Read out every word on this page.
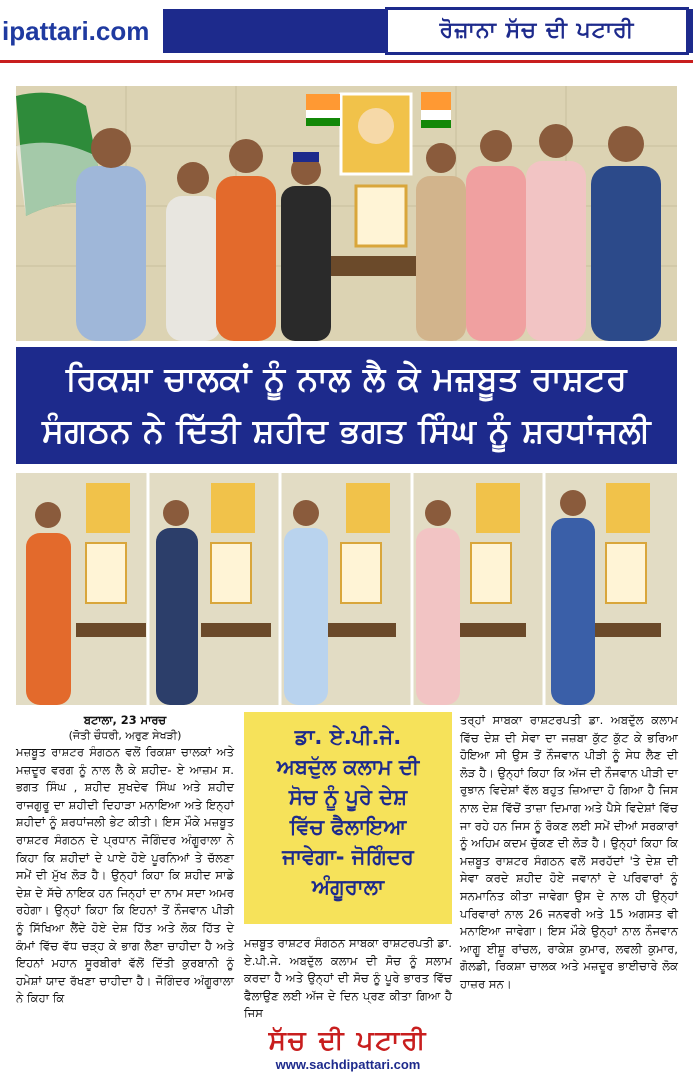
ipattari.com	ਰੋਜ਼ਾਨਾ ਸੱਚ ਦੀ ਪਟਾਰੀ
ਰਿਕਸ਼ਾ ਚਾਲਕਾਂ ਨੂੰ ਨਾਲ ਲੈ ਕੇ ਮਜ਼ਬੂਤ ਰਾਸ਼ਟਰ
ਸੰਗਠਨ ਨੇ ਦਿੱਤੀ ਸ਼ਹੀਦ ਭਗਤ ਸਿੰਘ ਨੂੰ ਸ਼ਰਧਾਂਜਲੀ
ਬਟਾਲਾ, 23 ਮਾਰਚ
(ਜੋਤੀ ਚੌਧਰੀ, ਅਰੁਣ ਸੇਖੜੀ)

ਮਜ਼ਬੂਤ ਰਾਸ਼ਟਰ ਸੰਗਠਨ ਵਲੋਂ ਰਿਕਸ਼ਾ ਚਾਲਕਾਂ ਅਤੇ ਮਜ਼ਦੂਰ ਵਰਗ ਨੂੰ ਨਾਲ ਲੈ ਕੇ ਸ਼ਹੀਦ- ਏ ਆਜ਼ਮ ਸ. ਭਗਤ ਸਿੰਘ , ਸ਼ਹੀਦ ਸੁਖਦੇਵ ਸਿੰਘ ਅਤੇ ਸ਼ਹੀਦ ਰਾਜਗੁਰੂ ਦਾ ਸ਼ਹੀਦੀ ਦਿਹਾੜਾ ਮਨਾਇਆ ਅਤੇ ਇਨ੍ਹਾਂ ਸ਼ਹੀਦਾਂ ਨੂੰ ਸ਼ਰਧਾਂਜਲੀ ਭੇਟ ਕੀਤੀ। ਇਸ ਮੌਕੇ ਮਜ਼ਬੂਤ ਰਾਸ਼ਟਰ ਸੰਗਠਨ ਦੇ ਪ੍ਰਧਾਨ ਜੋਗਿੰਦਰ ਅੰਗੂਰਾਲਾ ਨੇ ਕਿਹਾ ਕਿ ਸ਼ਹੀਦਾਂ ਦੇ ਪਾਏ ਹੋਏ ਪੂਰਨਿਆਂ ਤੇ ਚੱਲਣਾ ਸਮੇਂ ਦੀ ਮੁੱਖ ਲੋੜ ਹੈ। ਉਨ੍ਹਾਂ ਕਿਹਾ ਕਿ ਸ਼ਹੀਦ ਸਾਡੇ ਦੇਸ਼ ਦੇ ਸੱਚੇ ਨਾਇਕ ਹਨ ਜਿਨ੍ਹਾਂ ਦਾ ਨਾਮ ਸਦਾ ਅਮਰ ਰਹੇਗਾ। ਉਨ੍ਹਾਂ ਕਿਹਾ ਕਿ ਇਹਨਾਂ ਤੋਂ ਨੌਜਵਾਨ ਪੀੜੀ ਨੂੰ ਸਿੱਖਿਆ ਲੈਂਦੇ ਹੋਏ ਦੇਸ਼ ਹਿੱਤ ਅਤੇ ਲੋਕ ਹਿੱਤ ਦੇ ਕੰਮਾਂ ਵਿੱਚ ਵੱਧ ਚੜ੍ਹ ਕੇ ਭਾਗ ਲੈਣਾ ਚਾਹੀਦਾ ਹੈ ਅਤੇ ਇਹਨਾਂ ਮਹਾਨ ਸੂਰਬੀਰਾਂ ਵੱਲੋਂ ਦਿੱਤੀ ਕੁਰਬਾਨੀ ਨੂੰ ਹਮੇਸ਼ਾਂ ਯਾਦ ਰੱਖਣਾ ਚਾਹੀਦਾ ਹੈ। ਜੋਗਿੰਦਰ ਅੰਗੂਰਾਲਾ ਨੇ ਕਿਹਾ ਕਿ

ਡਾ. ਏ.ਪੀ.ਜੇ.
ਅਬਦੁੱਲ ਕਲਾਮ ਦੀ
ਸੋਚ ਨੂੰ ਪੂਰੇ ਦੇਸ਼
ਵਿੱਚ ਫੈਲਾਇਆ
ਜਾਵੇਗਾ- ਜੋਗਿੰਦਰ
ਅੰਗੂਰਾਲਾ

ਮਜ਼ਬੂਤ ਰਾਸ਼ਟਰ ਸੰਗਠਨ ਸਾਬਕਾ ਰਾਸ਼ਟਰਪਤੀ ਡਾ. ਏ.ਪੀ.ਜੇ. ਅਬਦੁੱਲ ਕਲਾਮ ਦੀ ਸੋਚ ਨੂੰ ਸਲਾਮ ਕਰਦਾ ਹੈ ਅਤੇ ਉਨ੍ਹਾਂ ਦੀ ਸੋਚ ਨੂੰ ਪੂਰੇ ਭਾਰਤ ਵਿੱਚ ਫੈਲਾਉਣ ਲਈ ਅੱਜ ਦੇ ਦਿਨ ਪ੍ਰਣ ਕੀਤਾ ਗਿਆ ਹੈ ਜਿਸ

ਸੱਚ ਦੀ ਪਟਾਰੀ
www.sachdipattari.com

ਤਰ੍ਹਾਂ ਸਾਬਕਾ ਰਾਸ਼ਟਰਪਤੀ ਡਾ. ਅਬਦੁੱਲ ਕਲਾਮ ਵਿੱਚ ਦੇਸ਼ ਦੀ ਸੇਵਾ ਦਾ ਜਜ਼ਬਾ ਕੁੱਟ ਕੁੱਟ ਕੇ ਭਰਿਆ ਹੋਇਆ ਸੀ ਉਸ ਤੋਂ ਨੌਜਵਾਨ ਪੀੜੀ ਨੂੰ ਸੇਧ ਲੈਣ ਦੀ ਲੋੜ ਹੈ। ਉਨ੍ਹਾਂ ਕਿਹਾ ਕਿ ਅੱਜ ਦੀ ਨੌਜਵਾਨ ਪੀੜੀ ਦਾ ਰੁਝਾਨ ਵਿਦੇਸ਼ਾਂ ਵੱਲ ਬਹੁਤ ਜ਼ਿਆਦਾ ਹੋ ਗਿਆ ਹੈ ਜਿਸ ਨਾਲ ਦੇਸ਼ ਵਿੱਚੋਂ ਤਾਜ਼ਾ ਦਿਮਾਗ ਅਤੇ ਪੈਸੇ ਵਿਦੇਸ਼ਾਂ ਵਿੱਚ ਜਾ ਰਹੇ ਹਨ ਜਿਸ ਨੂੰ ਰੋਕਣ ਲਈ ਸਮੇਂ ਦੀਆਂ ਸਰਕਾਰਾਂ ਨੂੰ ਅਹਿਮ ਕਦਮ ਚੁੱਕਣ ਦੀ ਲੋੜ ਹੈ। ਉਨ੍ਹਾਂ ਕਿਹਾ ਕਿ ਮਜ਼ਬੂਤ ਰਾਸ਼ਟਰ ਸੰਗਠਨ ਵਲੋਂ ਸਰਹੱਦਾਂ 'ਤੇ ਦੇਸ਼ ਦੀ ਸੇਵਾ ਕਰਦੇ ਸ਼ਹੀਦ ਹੋਏ ਜਵਾਨਾਂ ਦੇ ਪਰਿਵਾਰਾਂ ਨੂੰ ਸਨਮਾਨਿਤ ਕੀਤਾ ਜਾਵੇਗਾ ਉਸ ਦੇ ਨਾਲ ਹੀ ਉਨ੍ਹਾਂ ਪਰਿਵਾਰਾਂ ਨਾਲ 26 ਜਨਵਰੀ ਅਤੇ 15 ਅਗਸਤ ਵੀ ਮਨਾਇਆ ਜਾਵੇਗਾ। ਇਸ ਮੌਕੇ ਉਨ੍ਹਾਂ ਨਾਲ ਨੌਜਵਾਨ ਆਗੂ ਈਸ਼ੂ ਰਾਂਚਲ, ਰਾਕੇਸ਼ ਕੁਮਾਰ, ਲਵਲੀ ਕੁਮਾਰ, ਗੋਲਡੀ, ਰਿਕਸ਼ਾ ਚਾਲਕ ਅਤੇ ਮਜ਼ਦੂਰ ਭਾਈਚਾਰੇ ਲੋਕ ਹਾਜ਼ਰ ਸਨ।
